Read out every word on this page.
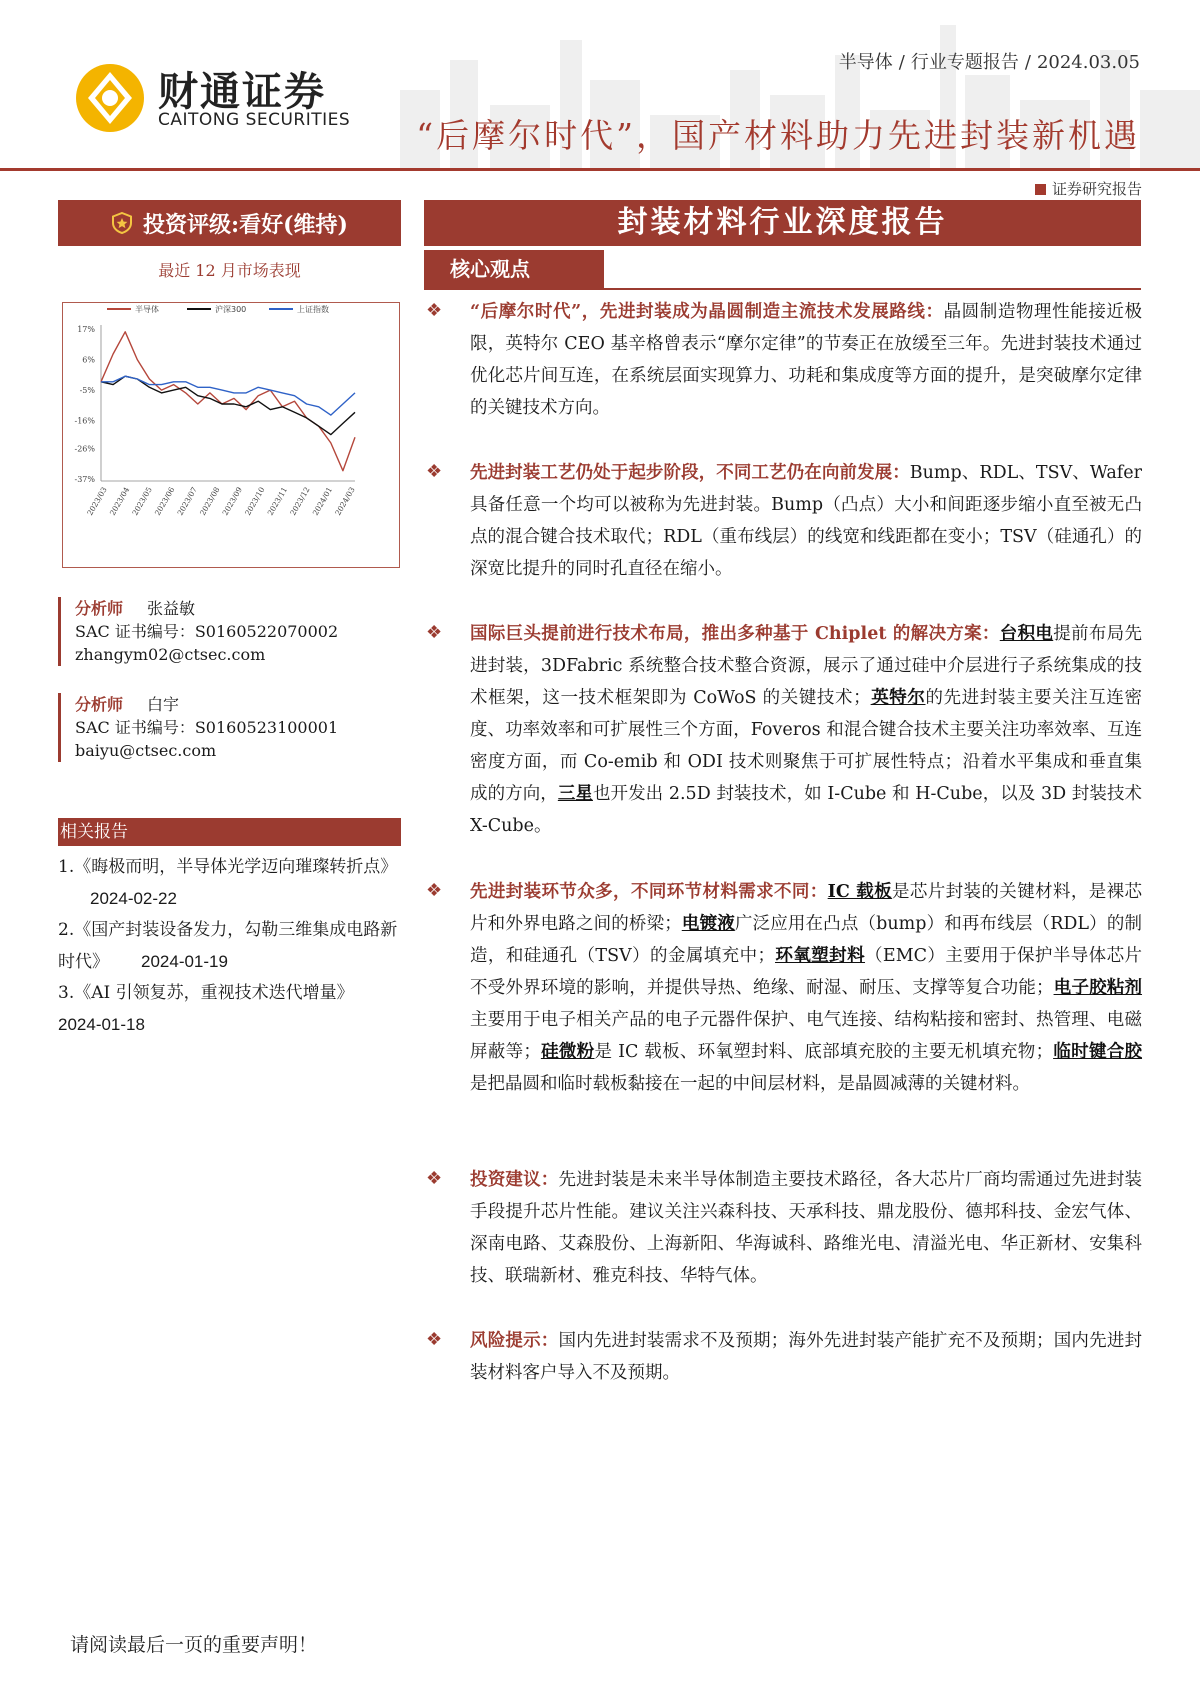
财通证券
CAITONG SECURITIES
半导体 / 行业专题报告 / 2024.03.05
“后摩尔时代”，国产材料助力先进封装新机遇
证券研究报告
投资评级:看好(维持)
最近 12 月市场表现
半导体	沪深300	上证指数
17%
6%
-5%
-16%
-26%
-37%
2023/03 2023/04 2023/05 2023/06 2023/07 2023/08 2023/09 2023/10 2023/11 2023/12 2024/01 2024/03
分析师 张益敏
SAC 证书编号：S0160522070002
zhangym02@ctsec.com
分析师 白宇
SAC 证书编号：S0160523100001
baiyu@ctsec.com
相关报告
1.《晦极而明，半导体光学迈向璀璨转折点》2024-02-22
2.《国产封装设备发力，勾勒三维集成电路新时代》 2024-01-19
3.《AI 引领复苏，重视技术迭代增量》
2024-01-18
封装材料行业深度报告
核心观点
❖ “后摩尔时代”，先进封装成为晶圆制造主流技术发展路线：晶圆制造物理性能接近极限，英特尔 CEO 基辛格曾表示“摩尔定律”的节奏正在放缓至三年。先进封装技术通过优化芯片间互连，在系统层面实现算力、功耗和集成度等方面的提升，是突破摩尔定律的关键技术方向。
❖ 先进封装工艺仍处于起步阶段，不同工艺仍在向前发展：Bump、RDL、TSV、Wafer 具备任意一个均可以被称为先进封装。Bump（凸点）大小和间距逐步缩小直至被无凸点的混合键合技术取代；RDL（重布线层）的线宽和线距都在变小；TSV（硅通孔）的深宽比提升的同时孔直径在缩小。
❖ 国际巨头提前进行技术布局，推出多种基于 Chiplet 的解决方案：台积电提前布局先进封装，3DFabric 系统整合技术整合资源，展示了通过硅中介层进行子系统集成的技术框架，这一技术框架即为 CoWoS 的关键技术；英特尔的先进封装主要关注互连密度、功率效率和可扩展性三个方面，Foveros 和混合键合技术主要关注功率效率、互连密度方面，而 Co-emib 和 ODI 技术则聚焦于可扩展性特点；沿着水平集成和垂直集成的方向，三星也开发出 2.5D 封装技术，如 I-Cube 和 H-Cube，以及 3D 封装技术 X-Cube。
❖ 先进封装环节众多，不同环节材料需求不同：IC 载板是芯片封装的关键材料，是裸芯片和外界电路之间的桥梁；电镀液广泛应用在凸点（bump）和再布线层（RDL）的制造，和硅通孔（TSV）的金属填充中；环氧塑封料（EMC）主要用于保护半导体芯片不受外界环境的影响，并提供导热、绝缘、耐湿、耐压、支撑等复合功能；电子胶粘剂主要用于电子相关产品的电子元器件保护、电气连接、结构粘接和密封、热管理、电磁屏蔽等；硅微粉是 IC 载板、环氧塑封料、底部填充胶的主要无机填充物；临时键合胶是把晶圆和临时载板黏接在一起的中间层材料，是晶圆减薄的关键材料。
❖ 投资建议：先进封装是未来半导体制造主要技术路径，各大芯片厂商均需通过先进封装手段提升芯片性能。建议关注兴森科技、天承科技、鼎龙股份、德邦科技、金宏气体、深南电路、艾森股份、上海新阳、华海诚科、路维光电、清溢光电、华正新材、安集科技、联瑞新材、雅克科技、华特气体。
❖ 风险提示：国内先进封装需求不及预期；海外先进封装产能扩充不及预期；国内先进封装材料客户导入不及预期。
请阅读最后一页的重要声明！
